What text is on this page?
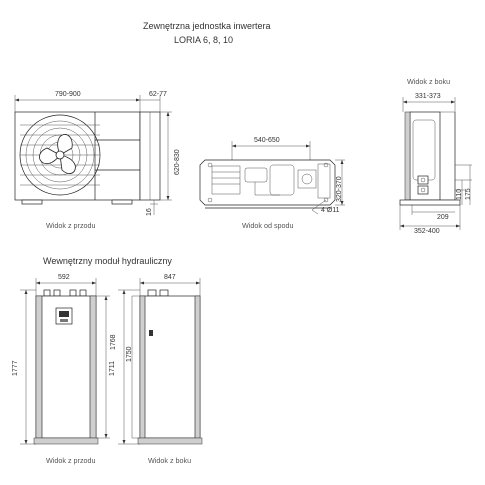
Zewnętrzna jednostka inwertera
LORIA 6, 8, 10
790-900	62-77
620-830
16
Widok z przodu
540-650
320-370
4 Ø11
Widok od spodu
Widok z boku
331-373
110 175
209
352-400
Wewnętrzny moduł hydrauliczny
592
1777	1711
Widok z przodu
847
1768
1750
Widok z boku
